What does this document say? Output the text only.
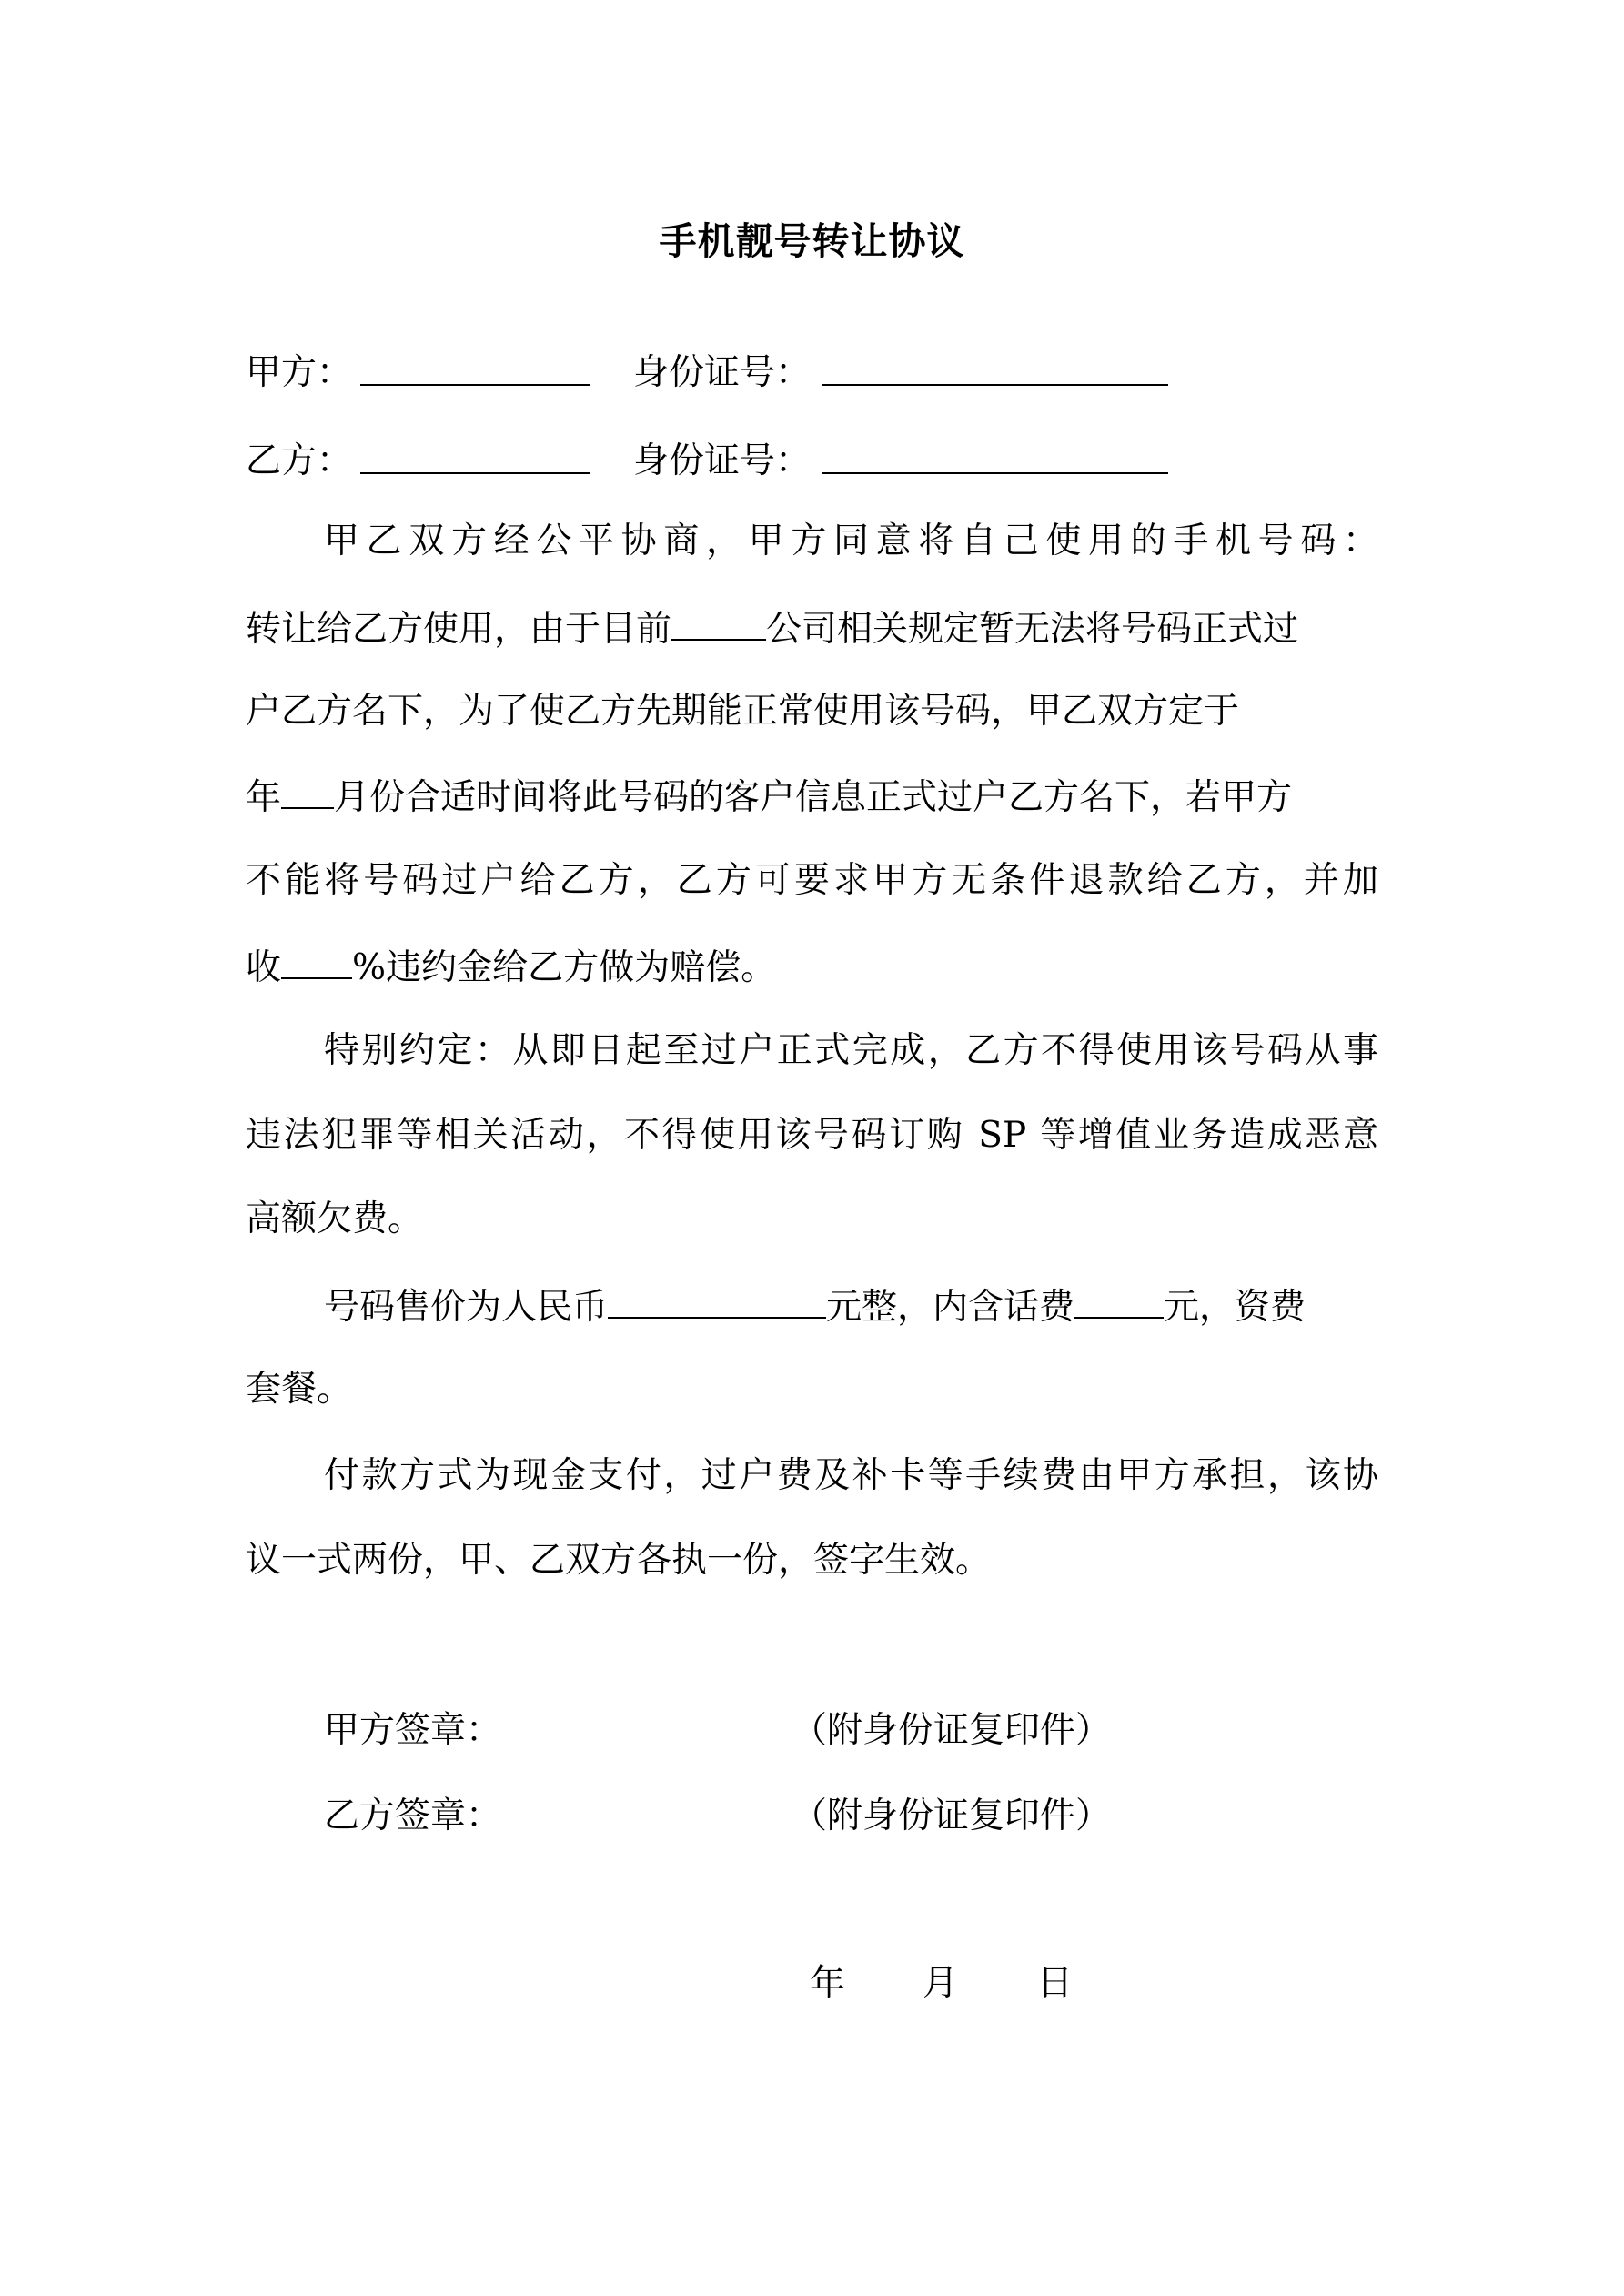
手机靓号转让协议
甲方：	身份证号：
乙方：	身份证号：
甲乙双方经公平协商，甲方同意将自己使用的手机号码：
转让给乙方使用，由于目前	公司相关规定暂无法将号码正式过
户乙方名下，为了使乙方先期能正常使用该号码，甲乙双方定于
年 月份合适时间将此号码的客户信息正式过户乙方名下，若甲方
不能将号码过户给乙方，乙方可要求甲方无条件退款给乙方，并加
收 %违约金给乙方做为赔偿。
特别约定：从即日起至过户正式完成，乙方不得使用该号码从事
违法犯罪等相关活动，不得使用该号码订购 SP 等增值业务造成恶意
高额欠费。
号码售价为人民币	元整，内含话费	元，资费
套餐。
付款方式为现金支付，过户费及补卡等手续费由甲方承担，该协
议一式两份，甲、乙双方各执一份，签字生效。
甲方签章：	（附身份证复印件）
乙方签章：	（附身份证复印件）
年 月 日
